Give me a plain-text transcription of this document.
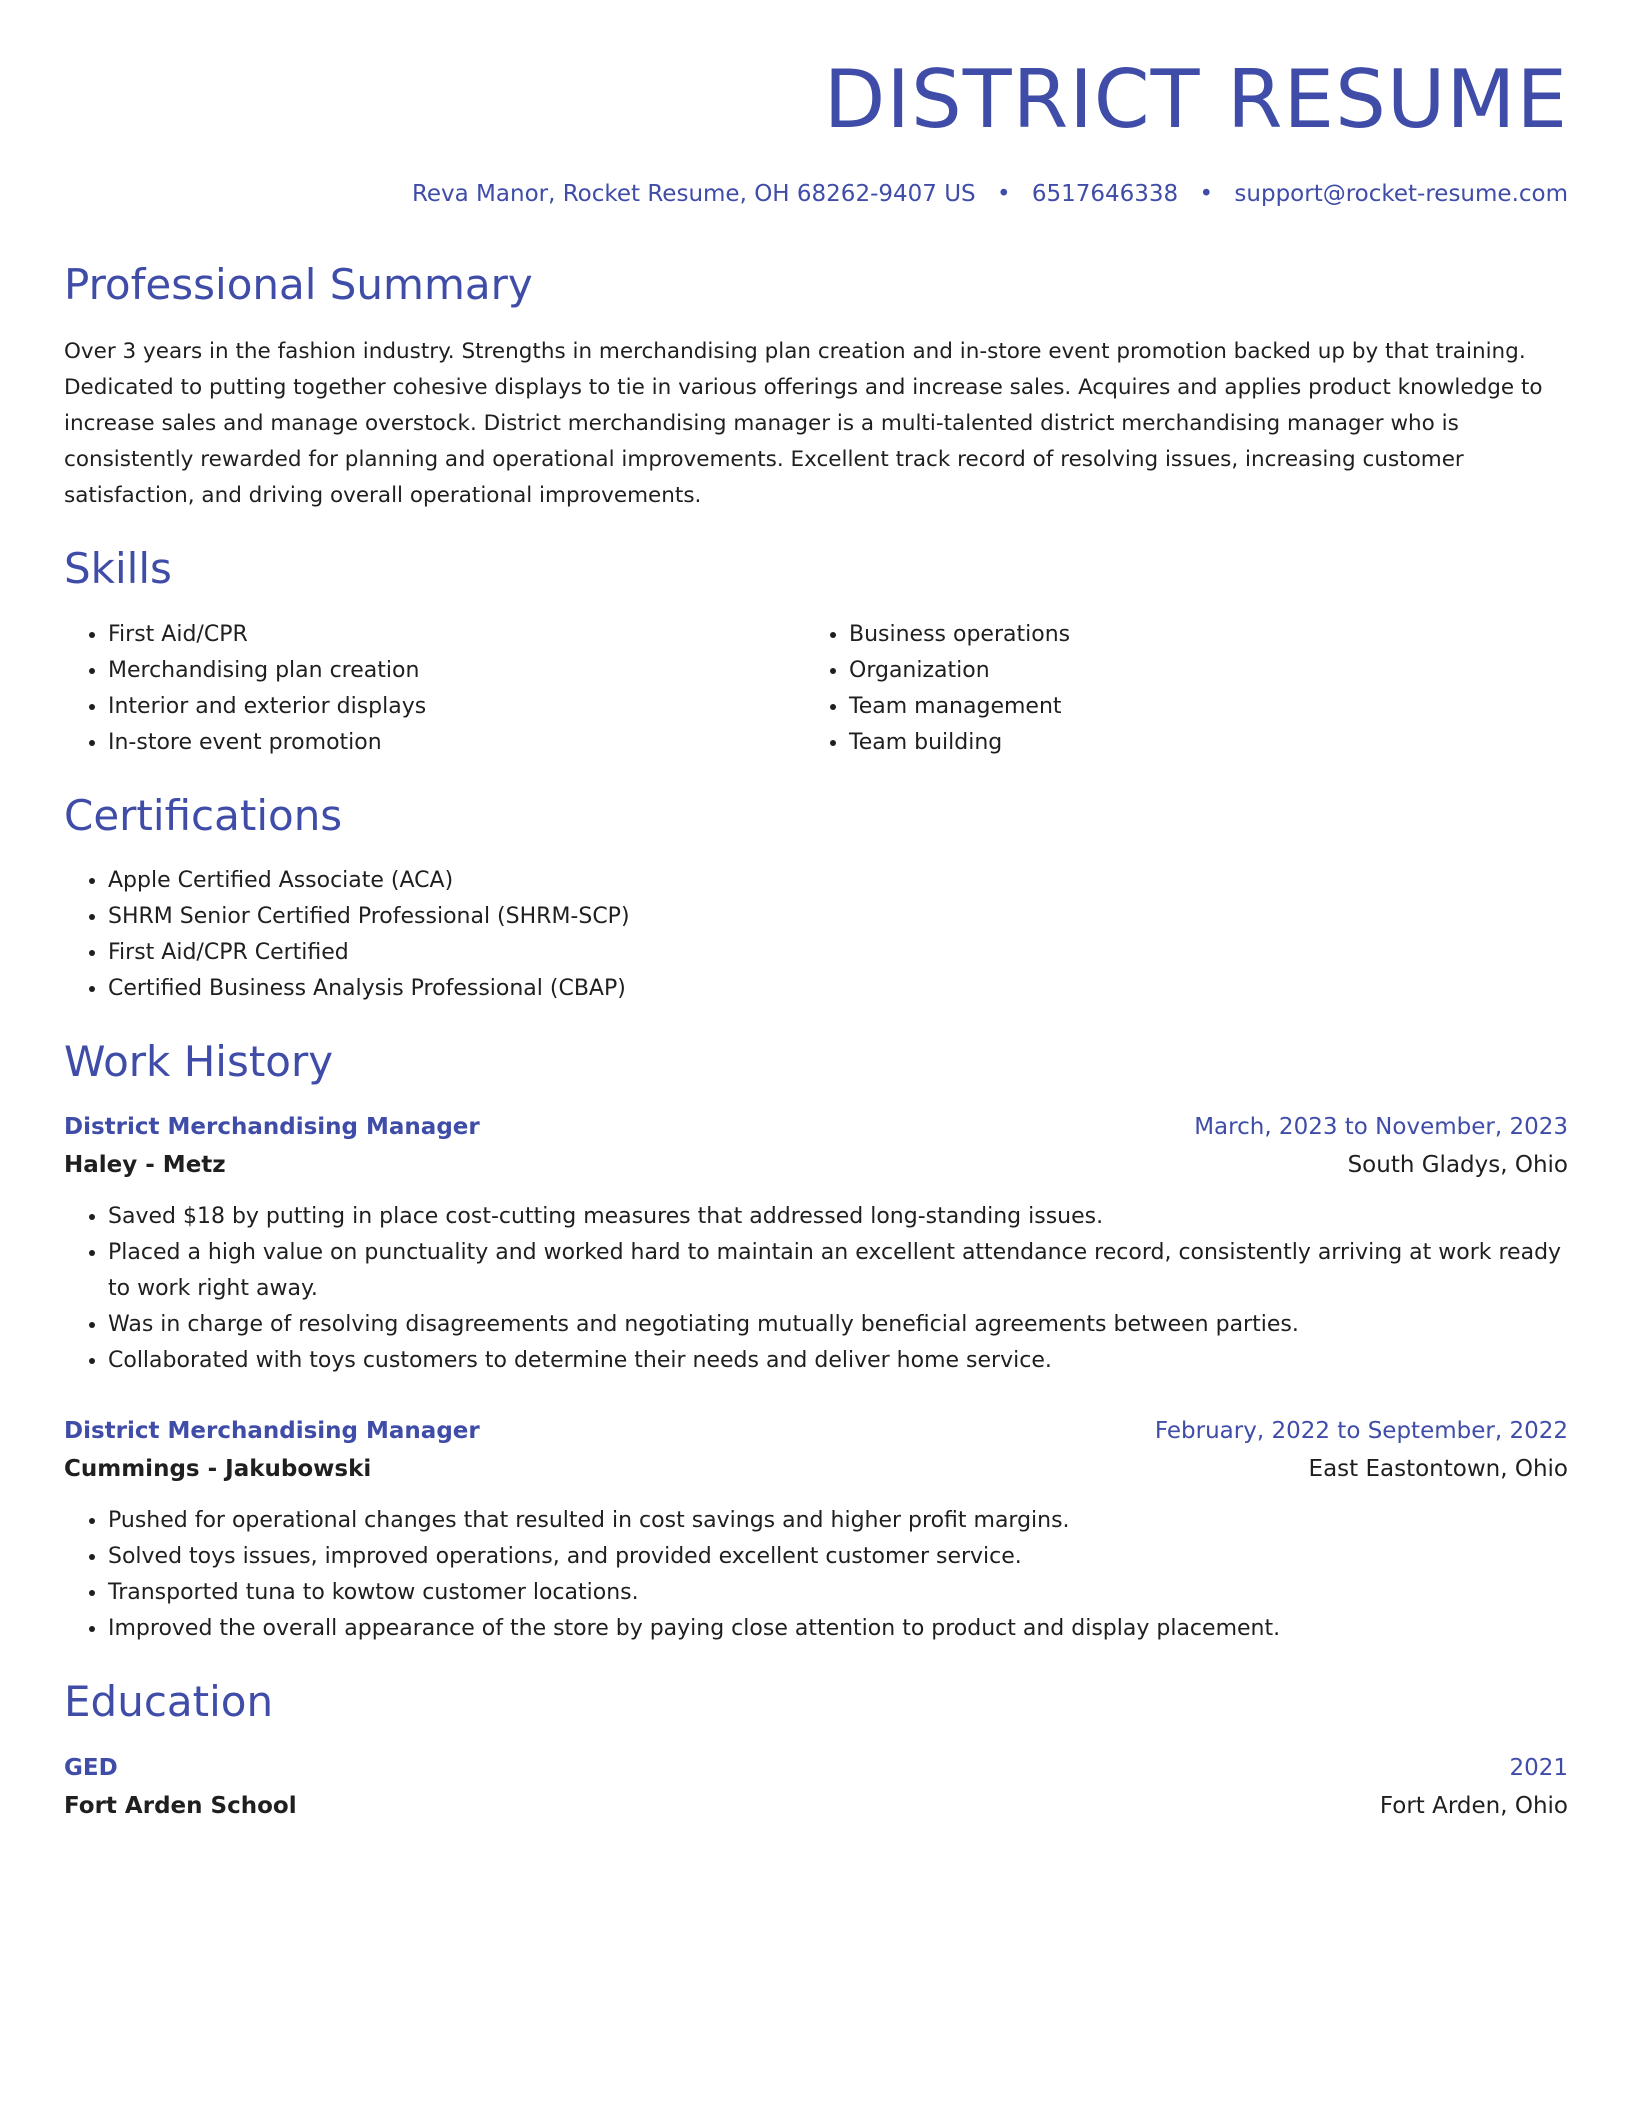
DISTRICT RESUME
Reva Manor, Rocket Resume, OH 68262-9407 US • 6517646338 • support@rocket-resume.com
Professional Summary
Over 3 years in the fashion industry. Strengths in merchandising plan creation and in-store event promotion backed up by that training. Dedicated to putting together cohesive displays to tie in various offerings and increase sales. Acquires and applies product knowledge to increase sales and manage overstock. District merchandising manager is a multi-talented district merchandising manager who is consistently rewarded for planning and operational improvements. Excellent track record of resolving issues, increasing customer satisfaction, and driving overall operational improvements.
Skills
• First Aid/CPR
• Merchandising plan creation
• Interior and exterior displays
• In-store event promotion
• Business operations
• Organization
• Team management
• Team building
Certifications
• Apple Certified Associate (ACA)
• SHRM Senior Certified Professional (SHRM-SCP)
• First Aid/CPR Certified
• Certified Business Analysis Professional (CBAP)
Work History
District Merchandising Manager	March, 2023 to November, 2023
Haley - Metz	South Gladys, Ohio
• Saved $18 by putting in place cost-cutting measures that addressed long-standing issues.
• Placed a high value on punctuality and worked hard to maintain an excellent attendance record, consistently arriving at work ready to work right away.
• Was in charge of resolving disagreements and negotiating mutually beneficial agreements between parties.
• Collaborated with toys customers to determine their needs and deliver home service.
District Merchandising Manager	February, 2022 to September, 2022
Cummings - Jakubowski	East Eastontown, Ohio
• Pushed for operational changes that resulted in cost savings and higher profit margins.
• Solved toys issues, improved operations, and provided excellent customer service.
• Transported tuna to kowtow customer locations.
• Improved the overall appearance of the store by paying close attention to product and display placement.
Education
GED	2021
Fort Arden School	Fort Arden, Ohio
